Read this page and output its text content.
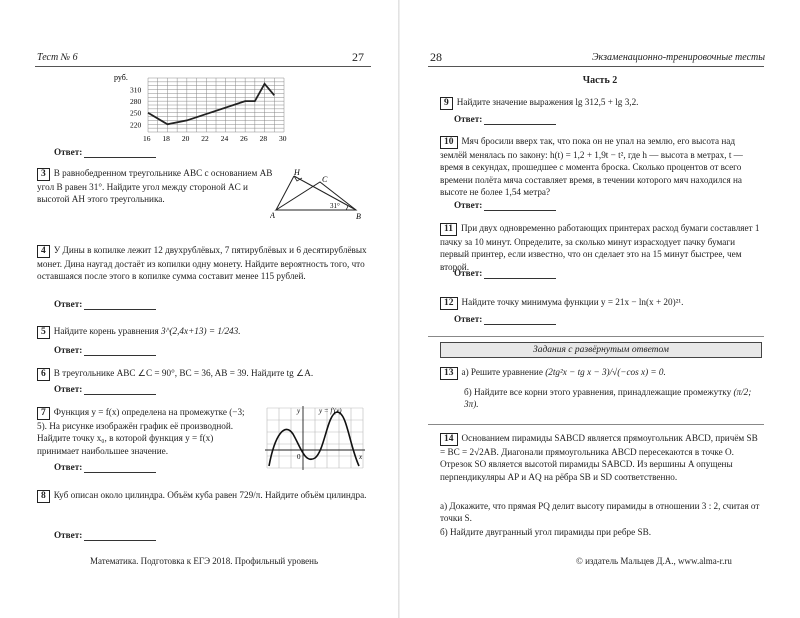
Тест № 6	27
руб.
16 18 20 22 24 26 28 30
310
280
250
220
Ответ:
3 В равнобедренном треугольнике ABC с основанием AB угол B равен 31°. Найдите угол между стороной AC и высотой AH этого треугольника.
A	B
C
H
31°
4 У Дины в копилке лежит 12 двухрублёвых, 7 пятирублёвых и 6 десятирублёвых монет. Дина наугад достаёт из копилки одну монету. Найдите вероятность того, что оставшаяся после этого в копилке сумма составит менее 115 рублей.
Ответ:
5 Найдите корень уравнения 3^(2,4x+13) = 1/243.
Ответ:
6 В треугольнике ABC ∠C = 90°, BC = 36, AB = 39. Найдите tg ∠A.
Ответ:
7 Функция y = f(x) определена на промежутке (−3; 5). На рисунке изображён график её производной. Найдите точку x₀, в которой функция y = f(x) принимает наибольшее значение.
y	y = f′(x)
0	x
Ответ:
8 Куб описан около цилиндра. Объём куба равен 729/π. Найдите объём цилиндра.
Ответ:
Математика. Подготовка к ЕГЭ 2018. Профильный уровень
28	Экзаменационно-тренировочные тесты
Часть 2
9 Найдите значение выражения lg 312,5 + lg 3,2.
Ответ:
10 Мяч бросили вверх так, что пока он не упал на землю, его высота над землёй менялась по закону: h(t) = 1,2 + 1,9t − t², где h — высота в метрах, t — время в секундах, прошедшее с момента броска. Сколько процентов от всего времени полёта мяча составляет время, в течении которого мяч находился на высоте не более 1,54 метра?
Ответ:
11 При двух одновременно работающих принтерах расход бумаги составляет 1 пачку за 10 минут. Определите, за сколько минут израсходует пачку бумаги первый принтер, если известно, что он сделает это на 15 минут быстрее, чем второй.
Ответ:
12 Найдите точку минимума функции y = 21x − ln(x + 20)²¹.
Ответ:
Задания с развёрнутым ответом
13 а) Решите уравнение (2tg²x − tg x − 3)/√(−cos x) = 0.
б) Найдите все корни этого уравнения, принадлежащие промежутку (π/2; 3π).
14 Основанием пирамиды SABCD является прямоугольник ABCD, причём SB = BC = 2√2AB. Диагонали прямоугольника ABCD пересекаются в точке O. Отрезок SO является высотой пирамиды SABCD. Из вершины A опущены перпендикуляры AP и AQ на рёбра SB и SD соответственно.
а) Докажите, что прямая PQ делит высоту пирамиды в отношении 3 : 2, считая от точки S.
б) Найдите двугранный угол пирамиды при ребре SB.
© издатель Мальцев Д.А., www.alma-r.ru
